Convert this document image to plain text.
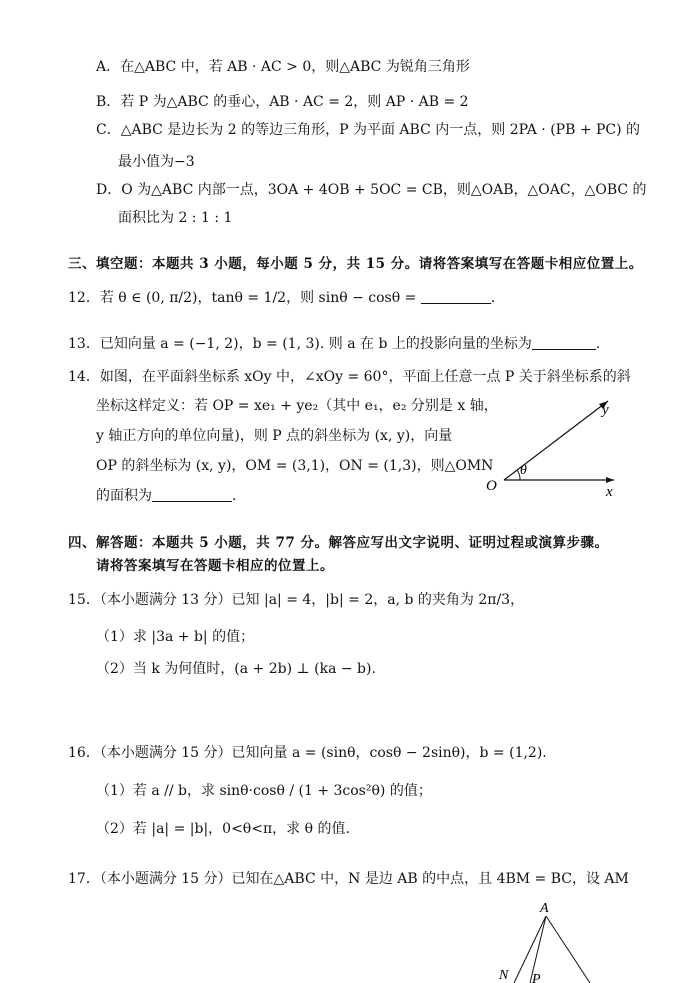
A．在△ABC 中，若 AB · AC > 0，则△ABC 为锐角三角形
B．若 P 为△ABC 的垂心，AB · AC = 2，则 AP · AB = 2
C．△ABC 是边长为 2 的等边三角形，P 为平面 ABC 内一点，则 2PA · (PB + PC) 的
最小值为−3
D．O 为△ABC 内部一点，3OA + 4OB + 5OC = CB，则△OAB，△OAC，△OBC 的
面积比为 2 : 1 : 1
三、填空题：本题共 3 小题，每小题 5 分，共 15 分。请将答案填写在答题卡相应位置上。
12．若 θ ∈ (0, π/2)，tanθ = 1/2，则 sinθ − cosθ =	．
13．已知向量 a = (−1, 2)，b = (1, 3). 则 a 在 b 上的投影向量的坐标为	.
14．如图，在平面斜坐标系 xOy 中，∠xOy = 60°，平面上任意一点 P 关于斜坐标系的斜
坐标这样定义：若 OP = xe₁ + ye₂（其中 e₁，e₂ 分别是 x 轴，
y 轴正方向的单位向量)，则 P 点的斜坐标为 (x, y)，向量
OP 的斜坐标为 (x, y)，OM = (3,1)，ON = (1,3)，则△OMN
的面积为	．
y
θ
O	x
四、解答题：本题共 5 小题，共 77 分。解答应写出文字说明、证明过程或演算步骤。
请将答案填写在答题卡相应的位置上。
15．（本小题满分 13 分）已知 |a| = 4，|b| = 2，a, b 的夹角为 2π/3，
（1）求 |3a + b| 的值；
（2）当 k 为何值时，(a + 2b) ⊥ (ka − b).
16．（本小题满分 15 分）已知向量 a = (sinθ，cosθ − 2sinθ)，b = (1,2).
（1）若 a // b，求 sinθ·cosθ / (1 + 3cos²θ) 的值；
（2）若 |a| = |b|，0<θ<π，求 θ 的值.
17．（本小题满分 15 分）已知在△ABC 中，N 是边 AB 的中点，且 4BM = BC，设 AM
A
N P
